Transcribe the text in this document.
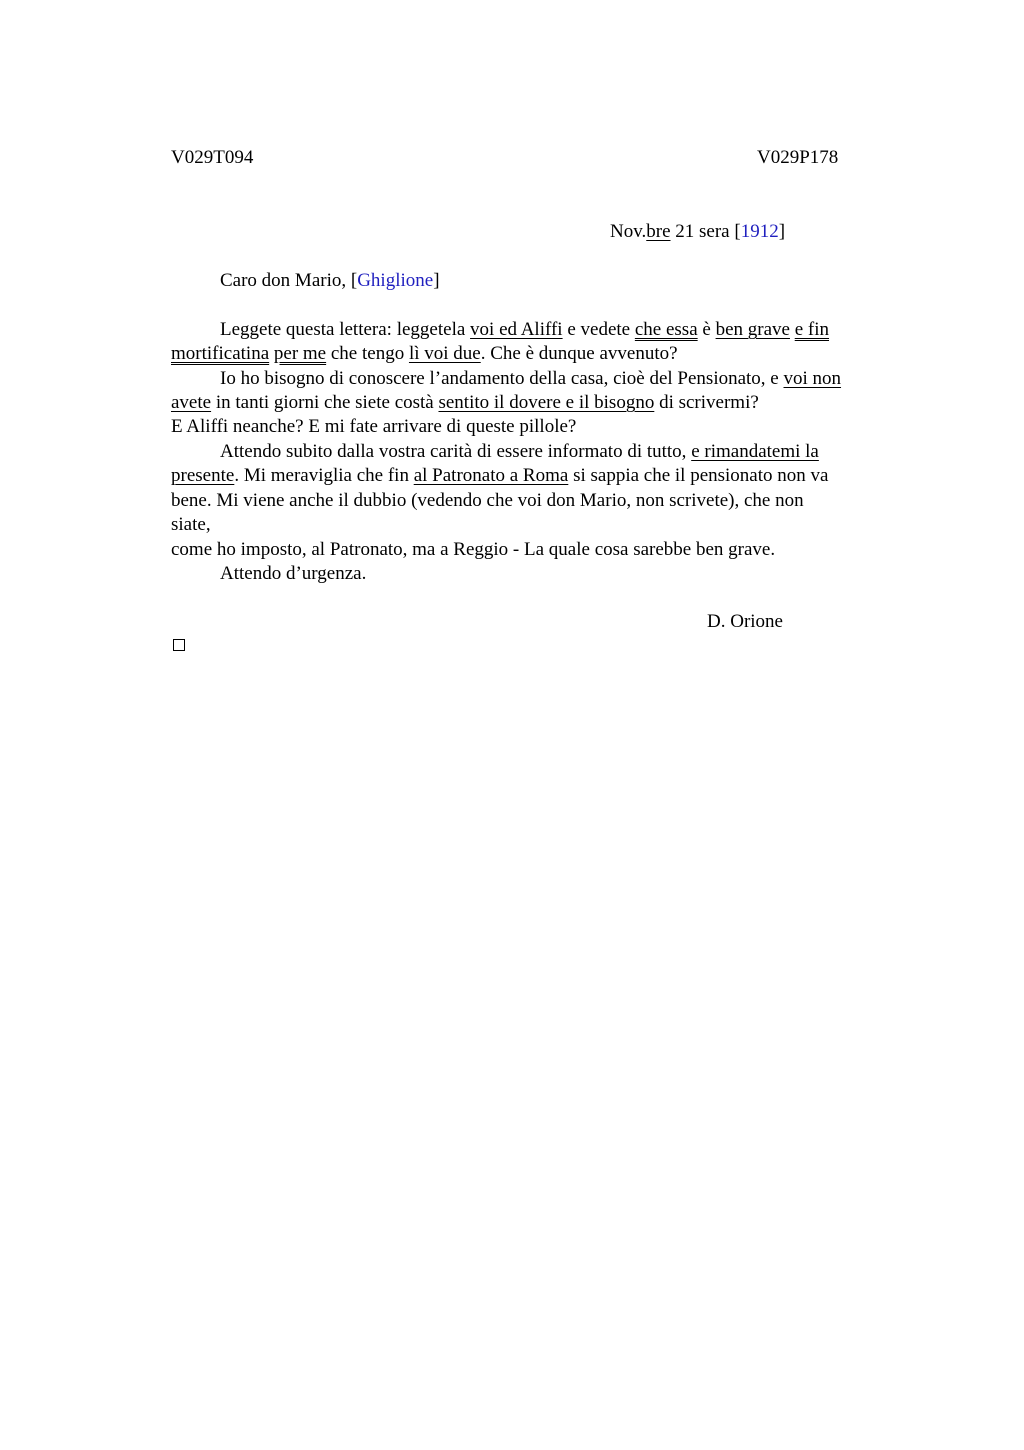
V029T094	V029P178
Nov.bre 21 sera [1912]
Caro don Mario, [Ghiglione]
Leggete questa lettera: leggetela voi ed Aliffi e vedete che essa è ben grave e fin
mortificatina per me che tengo lì voi due. Che è dunque avvenuto?
Io ho bisogno di conoscere l’andamento della casa, cioè del Pensionato, e voi non
avete in tanti giorni che siete costà sentito il dovere e il bisogno di scrivermi?
E Aliffi neanche? E mi fate arrivare di queste pillole?
Attendo subito dalla vostra carità di essere informato di tutto, e rimandatemi la
presente. Mi meraviglia che fin al Patronato a Roma si sappia che il pensionato non va
bene. Mi viene anche il dubbio (vedendo che voi don Mario, non scrivete), che non
siate,
come ho imposto, al Patronato, ma a Reggio - La quale cosa sarebbe ben grave.
Attendo d’urgenza.
D. Orione
